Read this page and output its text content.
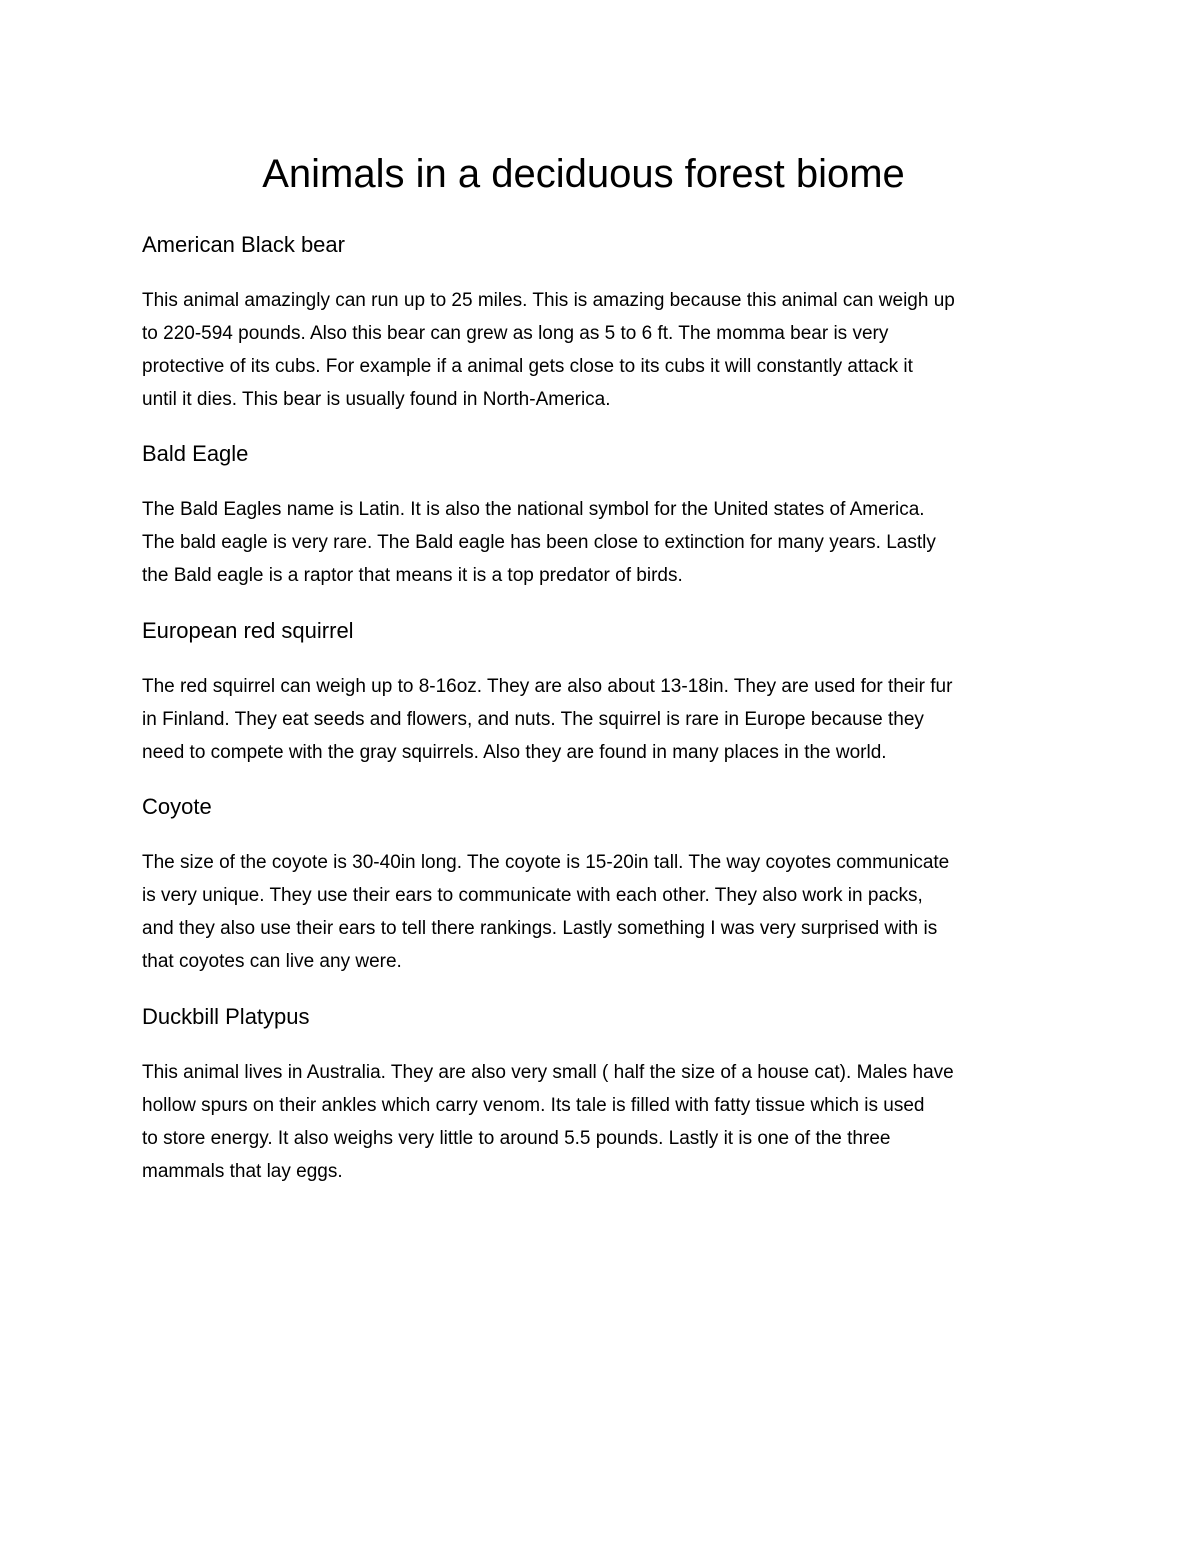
Animals in a deciduous forest biome
American Black bear

This animal amazingly can run up to 25 miles. This is amazing because this animal can weigh up
to 220-594 pounds. Also this bear can grew as long as 5 to 6 ft. The momma bear is very
protective of its cubs. For example if a animal gets close to its cubs it will constantly attack it
until it dies. This bear is usually found in North-America.

Bald Eagle

The Bald Eagles name is Latin. It is also the national symbol for the United states of America.
The bald eagle is very rare. The Bald eagle has been close to extinction for many years. Lastly
the Bald eagle is a raptor that means it is a top predator of birds.

European red squirrel

The red squirrel can weigh up to 8-16oz. They are also about 13-18in. They are used for their fur
in Finland. They eat seeds and flowers, and nuts. The squirrel is rare in Europe because they
need to compete with the gray squirrels. Also they are found in many places in the world.

Coyote

The size of the coyote is 30-40in long. The coyote is 15-20in tall. The way coyotes communicate
is very unique. They use their ears to communicate with each other. They also work in packs,
and they also use their ears to tell there rankings. Lastly something I was very surprised with is
that coyotes can live any were.

Duckbill Platypus

This animal lives in Australia. They are also very small ( half the size of a house cat). Males have
hollow spurs on their ankles which carry venom. Its tale is filled with fatty tissue which is used
to store energy. It also weighs very little to around 5.5 pounds. Lastly it is one of the three
mammals that lay eggs.
